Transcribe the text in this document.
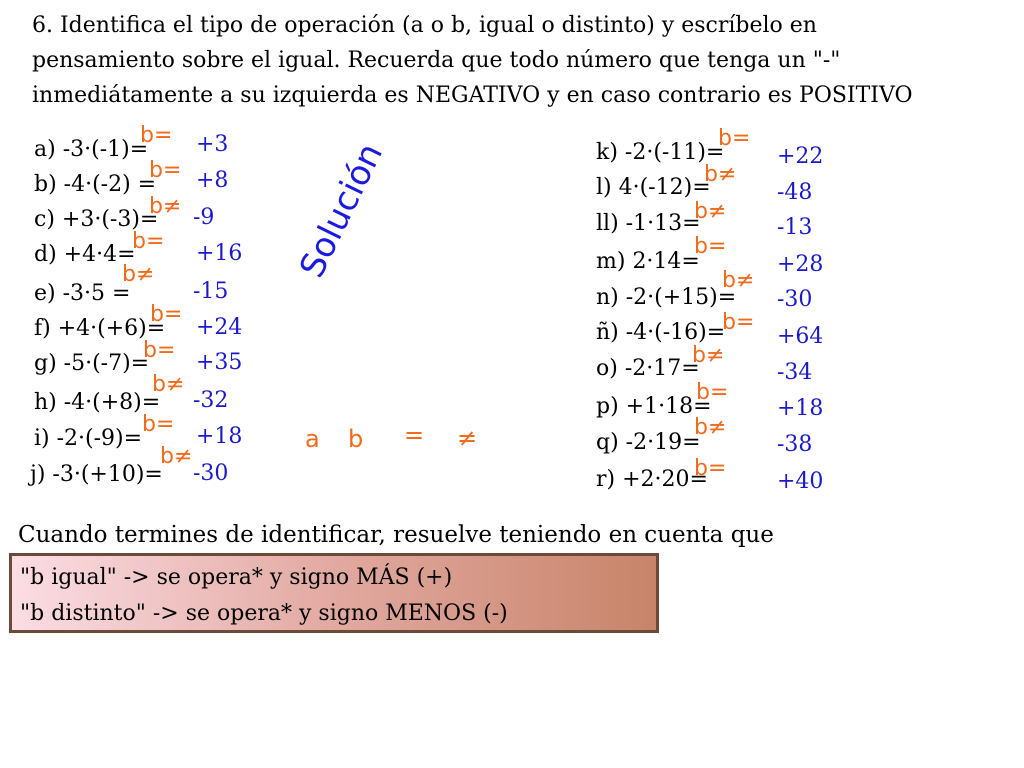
6. Identifica el tipo de operación (a o b, igual o distinto) y escríbelo en
pensamiento sobre el igual. Recuerda que todo número que tenga un "-"
inmediátamente a su izquierda es NEGATIVO y en caso contrario es POSITIVO
a) -3·(-1)=
b= +3
b) -4·(-2) =
b= +8
c) +3·(-3)=
b≠ -9
d) +4·4=
b= +16
e) -3·5 =
b≠
-15
f) +4·(+6)=
b=
+24
g) -5·(-7)=
b= +35
h) -4·(+8)=
b≠
-32
i) -2·(-9)=
b= +18
j) -3·(+10)=
b≠
-30
Solución
a b = ≠
k) -2·(-11)=
b=
+22
l) 4·(-12)=
b≠
-48
ll) -1·13=
b≠
-13
m) 2·14=
b=
+28
n) -2·(+15)=
b≠
-30
ñ) -4·(-16)=
b=
+64
o) -2·17=
b≠
-34
p) +1·18=
b=
+18
q) -2·19=
b≠
-38
r) +2·20=
b=
+40
Cuando termines de identificar, resuelve teniendo en cuenta que
"b igual" -> se opera* y signo MÁS (+)
"b distinto" -> se opera* y signo MENOS (-)
